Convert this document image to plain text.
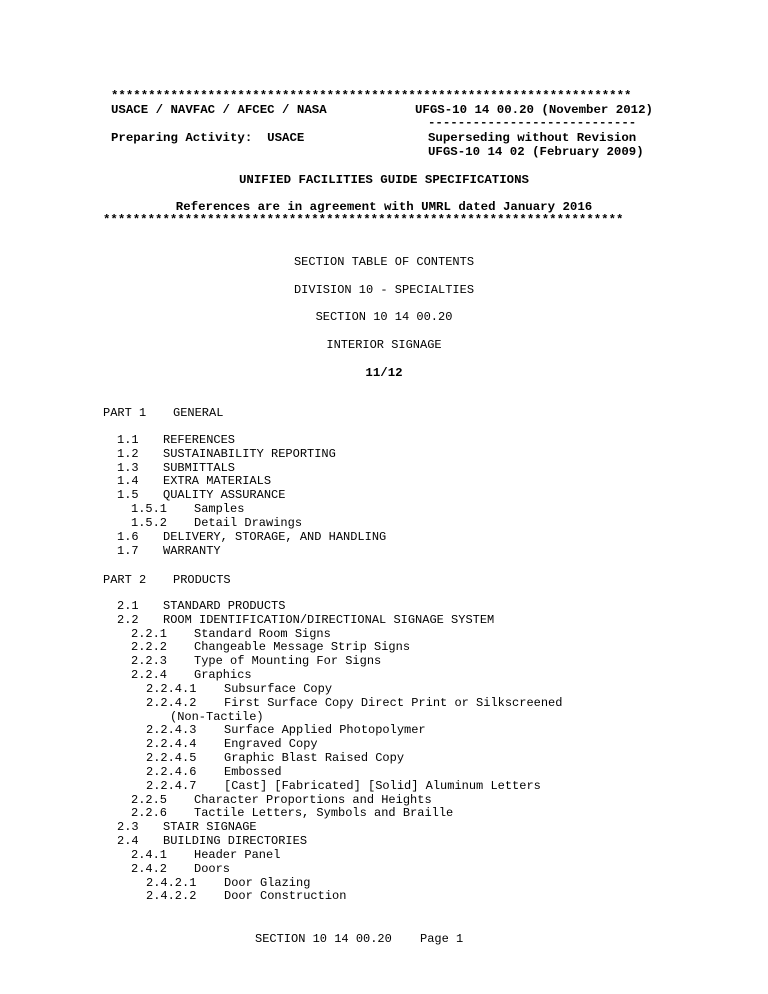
**********************************************************************
USACE / NAVFAC / AFCEC / NASA	UFGS-10 14 00.20 (November 2012)
----------------------------
Preparing Activity:  USACE	Superseding without Revision
UFGS-10 14 02 (February 2009)
UNIFIED FACILITIES GUIDE SPECIFICATIONS
References are in agreement with UMRL dated January 2016
**********************************************************************
SECTION TABLE OF CONTENTS
DIVISION 10 - SPECIALTIES
SECTION 10 14 00.20
INTERIOR SIGNAGE
11/12
PART 1 GENERAL
1.1 REFERENCES
1.2 SUSTAINABILITY REPORTING
1.3 SUBMITTALS
1.4 EXTRA MATERIALS
1.5 QUALITY ASSURANCE
1.5.1 Samples
1.5.2 Detail Drawings
1.6 DELIVERY, STORAGE, AND HANDLING
1.7 WARRANTY
PART 2 PRODUCTS
2.1 STANDARD PRODUCTS
2.2 ROOM IDENTIFICATION/DIRECTIONAL SIGNAGE SYSTEM
2.2.1 Standard Room Signs
2.2.2 Changeable Message Strip Signs
2.2.3 Type of Mounting For Signs
2.2.4 Graphics
2.2.4.1 Subsurface Copy
2.2.4.2 First Surface Copy Direct Print or Silkscreened
(Non-Tactile)
2.2.4.3 Surface Applied Photopolymer
2.2.4.4 Engraved Copy
2.2.4.5 Graphic Blast Raised Copy
2.2.4.6 Embossed
2.2.4.7 [Cast] [Fabricated] [Solid] Aluminum Letters
2.2.5 Character Proportions and Heights
2.2.6 Tactile Letters, Symbols and Braille
2.3 STAIR SIGNAGE
2.4 BUILDING DIRECTORIES
2.4.1 Header Panel
2.4.2 Doors
2.4.2.1 Door Glazing
2.4.2.2 Door Construction
SECTION 10 14 00.20 Page 1
